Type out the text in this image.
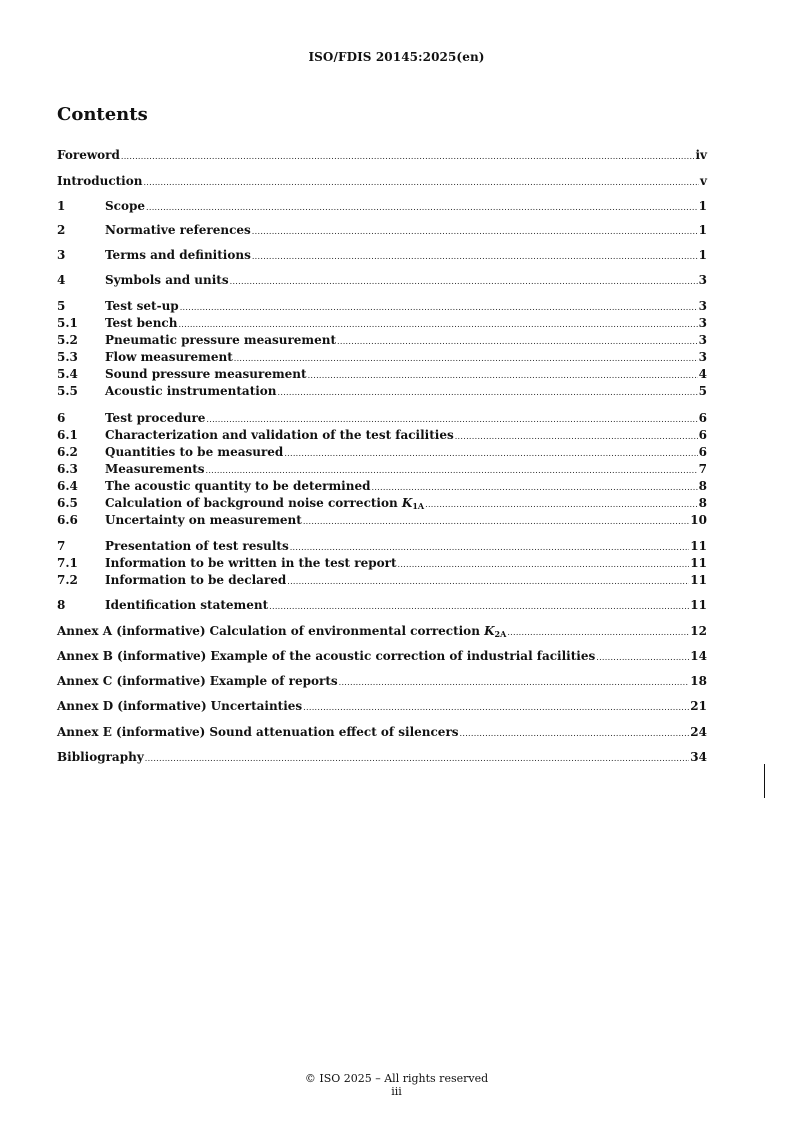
ISO/FDIS 20145:2025(en)
Contents
Foreword .....	iv
Introduction .....	v
1	Scope .....	1
2	Normative references .....	1
3	Terms and definitions .....	1
4	Symbols and units .....	3
5	Test set-up .....	3
5.1	Test bench .....	3
5.2	Pneumatic pressure measurement .....	3
5.3	Flow measurement .....	3
5.4	Sound pressure measurement .....	4
5.5	Acoustic instrumentation .....	5
6	Test procedure .....	6
6.1	Characterization and validation of the test facilities .....	6
6.2	Quantities to be measured .....	6
6.3	Measurements .....	7
6.4	The acoustic quantity to be determined .....	8
6.5	Calculation of background noise correction $K_{1A}$ .....	8
6.6	Uncertainty on measurement .....	10
7	Presentation of test results .....	11
7.1	Information to be written in the test report .....	11
7.2	Information to be declared .....	11
8	Identification statement .....	11
Annex A (informative) Calculation of environmental correction $K_{2A}$ .....	12
Annex B (informative) Example of the acoustic correction of industrial facilities .....	14
Annex C (informative) Example of reports .....	18
Annex D (informative) Uncertainties .....	21
Annex E (informative) Sound attenuation effect of silencers .....	24
Bibliography .....	34
© ISO 2025 – All rights reserved
iii
